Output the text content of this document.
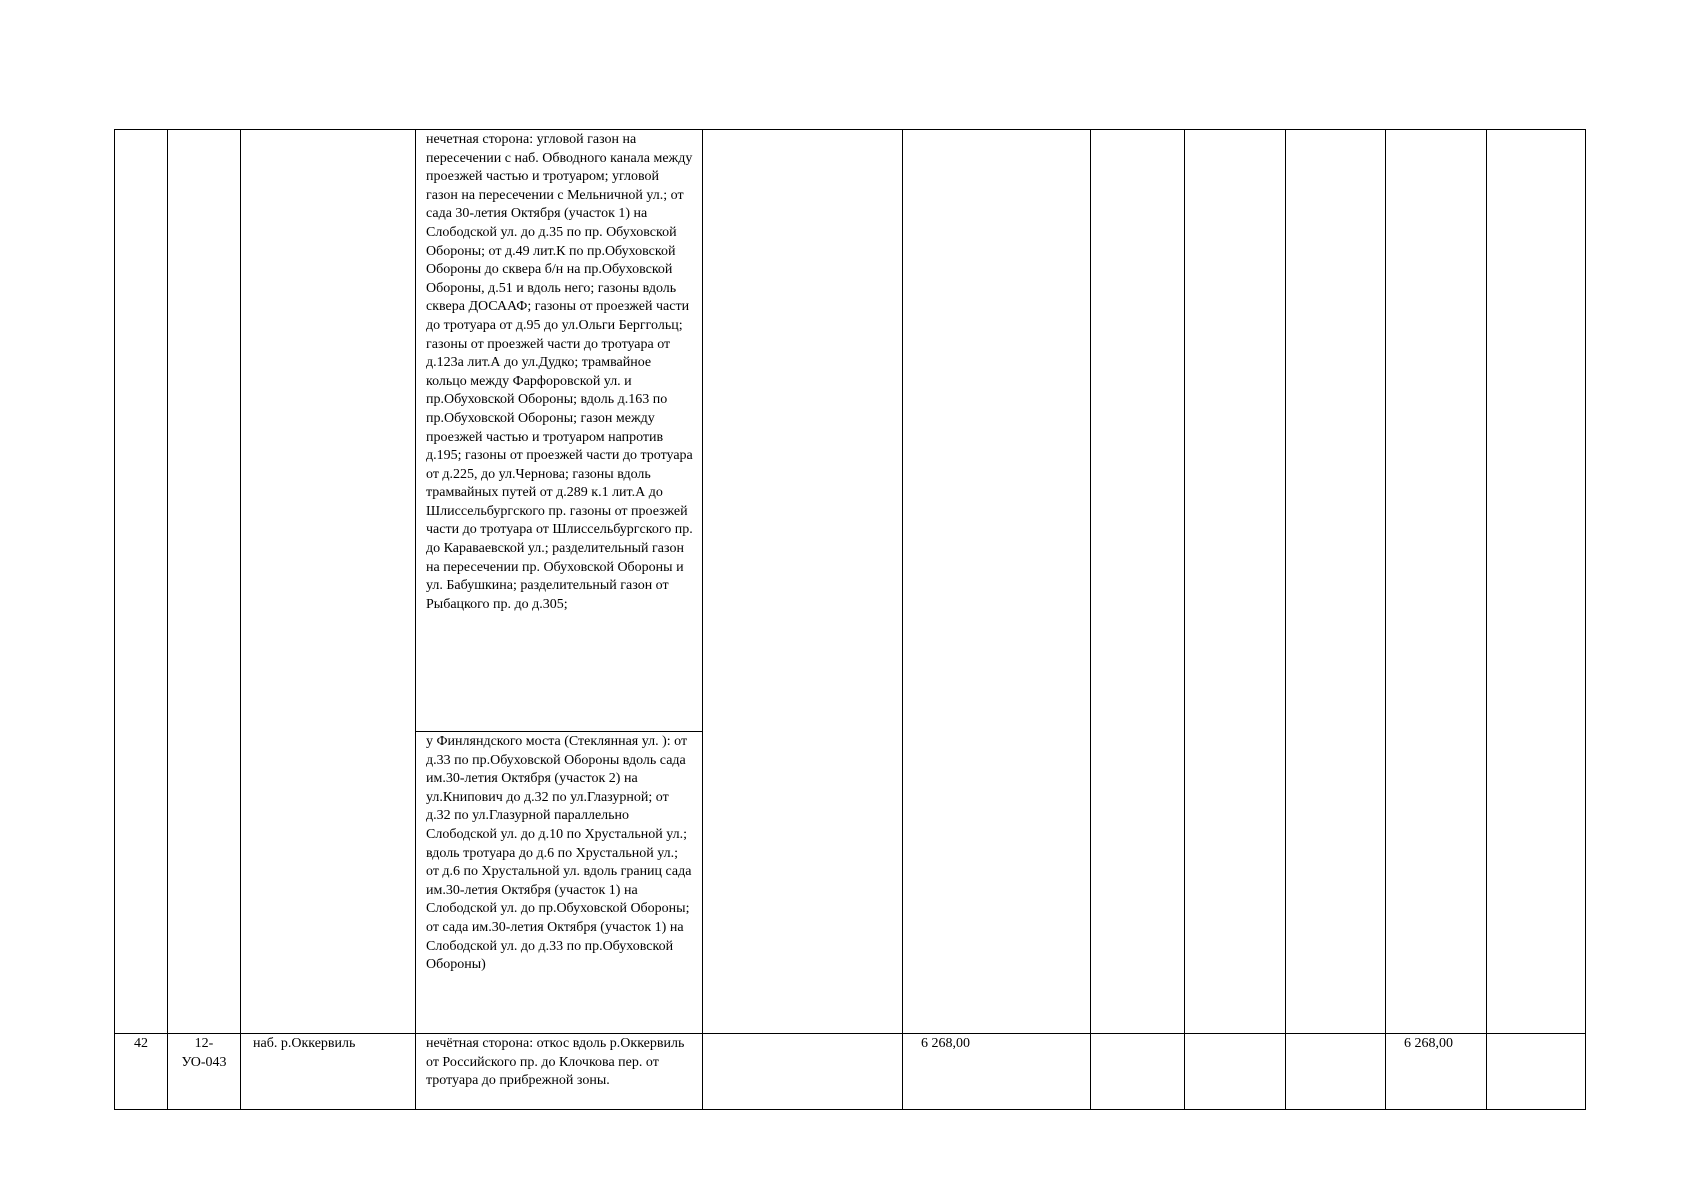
			нечетная сторона: угловой газон на пересечении с наб. Обводного канала между проезжей частью и тротуаром; угловой газон на пересечении с Мельничной ул.; от сада 30-летия Октября (участок 1) на Слободской ул. до д.35 по пр. Обуховской Обороны; от д.49 лит.К по пр.Обуховской Обороны до сквера б/н на пр.Обуховской Обороны, д.51 и вдоль него; газоны вдоль сквера ДОСААФ; газоны от проезжей части до тротуара от д.95 до ул.Ольги Берггольц; газоны от проезжей части до тротуара от д.123а лит.А до ул.Дудко; трамвайное кольцо между Фарфоровской ул. и пр.Обуховской Обороны; вдоль д.163 по пр.Обуховской Обороны; газон между проезжей частью и тротуаром напротив д.195; газоны от проезжей части до тротуара от д.225, до ул.Чернова; газоны вдоль трамвайных путей от д.289 к.1 лит.А до Шлиссельбургского пр. газоны от проезжей части до тротуара от Шлиссельбургского пр. до Караваевской ул.; разделительный газон на пересечении пр. Обуховской Обороны и ул. Бабушкина; разделительный газон от Рыбацкого пр. до д.305;							
			у Финляндского моста (Стеклянная ул. ): от д.33 по пр.Обуховской Обороны вдоль сада им.30-летия Октября (участок 2) на ул.Книпович до д.32 по ул.Глазурной; от д.32 по ул.Глазурной параллельно Слободской ул. до д.10 по Хрустальной ул.; вдоль тротуара до д.6 по Хрустальной ул.; от д.6 по Хрустальной ул. вдоль границ сада им.30-летия Октября (участок 1) на Слободской ул. до пр.Обуховской Обороны; от сада им.30-летия Октября (участок 1) на Слободской ул. до д.33 по пр.Обуховской Обороны)							
42	12-УО-043	наб. р.Оккервиль	нечётная сторона: откос вдоль р.Оккервиль от Российского пр. до Клочкова пер. от тротуара до прибрежной зоны.		6 268,00				6 268,00	
